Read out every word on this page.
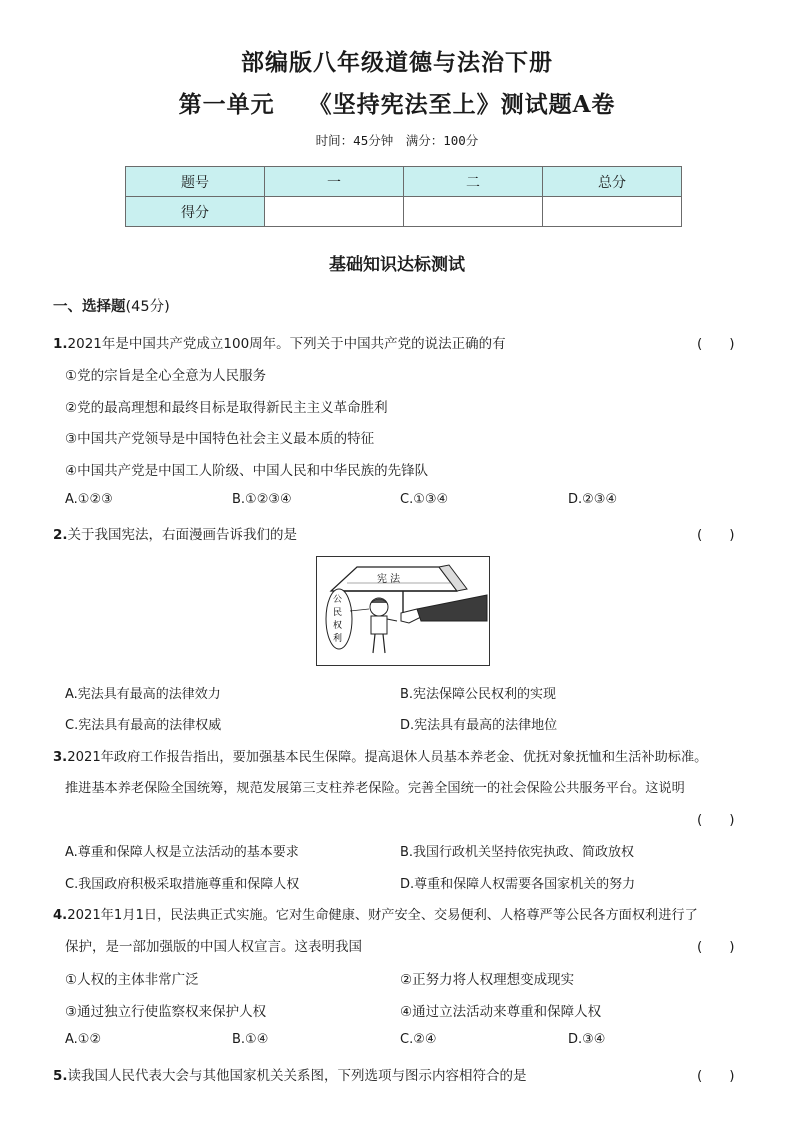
部编版八年级道德与法治下册
第一单元 《坚持宪法至上》测试题A卷
时间：45分钟　满分：100分
题号	一	二	总分
得分			
基础知识达标测试
一、选择题(45分)
1.2021年是中国共产党成立100周年。下列关于中国共产党的说法正确的有	(　　)
①党的宗旨是全心全意为人民服务
②党的最高理想和最终目标是取得新民主主义革命胜利
③中国共产党领导是中国特色社会主义最本质的特征
④中国共产党是中国工人阶级、中国人民和中华民族的先锋队
A.①②③	B.①②③④	C.①③④	D.②③④
2.关于我国宪法，右面漫画告诉我们的是	(　　)
宪 法
公
民
权
利
A.宪法具有最高的法律效力	B.宪法保障公民权利的实现
C.宪法具有最高的法律权威	D.宪法具有最高的法律地位
3.2021年政府工作报告指出，要加强基本民生保障。提高退休人员基本养老金、优抚对象抚恤和生活补助标准。
推进基本养老保险全国统筹，规范发展第三支柱养老保险。完善全国统一的社会保险公共服务平台。这说明
(　　)
A.尊重和保障人权是立法活动的基本要求	B.我国行政机关坚持依宪执政、简政放权
C.我国政府积极采取措施尊重和保障人权	D.尊重和保障人权需要各国家机关的努力
4.2021年1月1日，民法典正式实施。它对生命健康、财产安全、交易便利、人格尊严等公民各方面权利进行了
保护，是一部加强版的中国人权宣言。这表明我国	(　　)
①人权的主体非常广泛	②正努力将人权理想变成现实
③通过独立行使监察权来保护人权	④通过立法活动来尊重和保障人权
A.①②	B.①④	C.②④	D.③④
5.读我国人民代表大会与其他国家机关关系图，下列选项与图示内容相符合的是	(　　)
